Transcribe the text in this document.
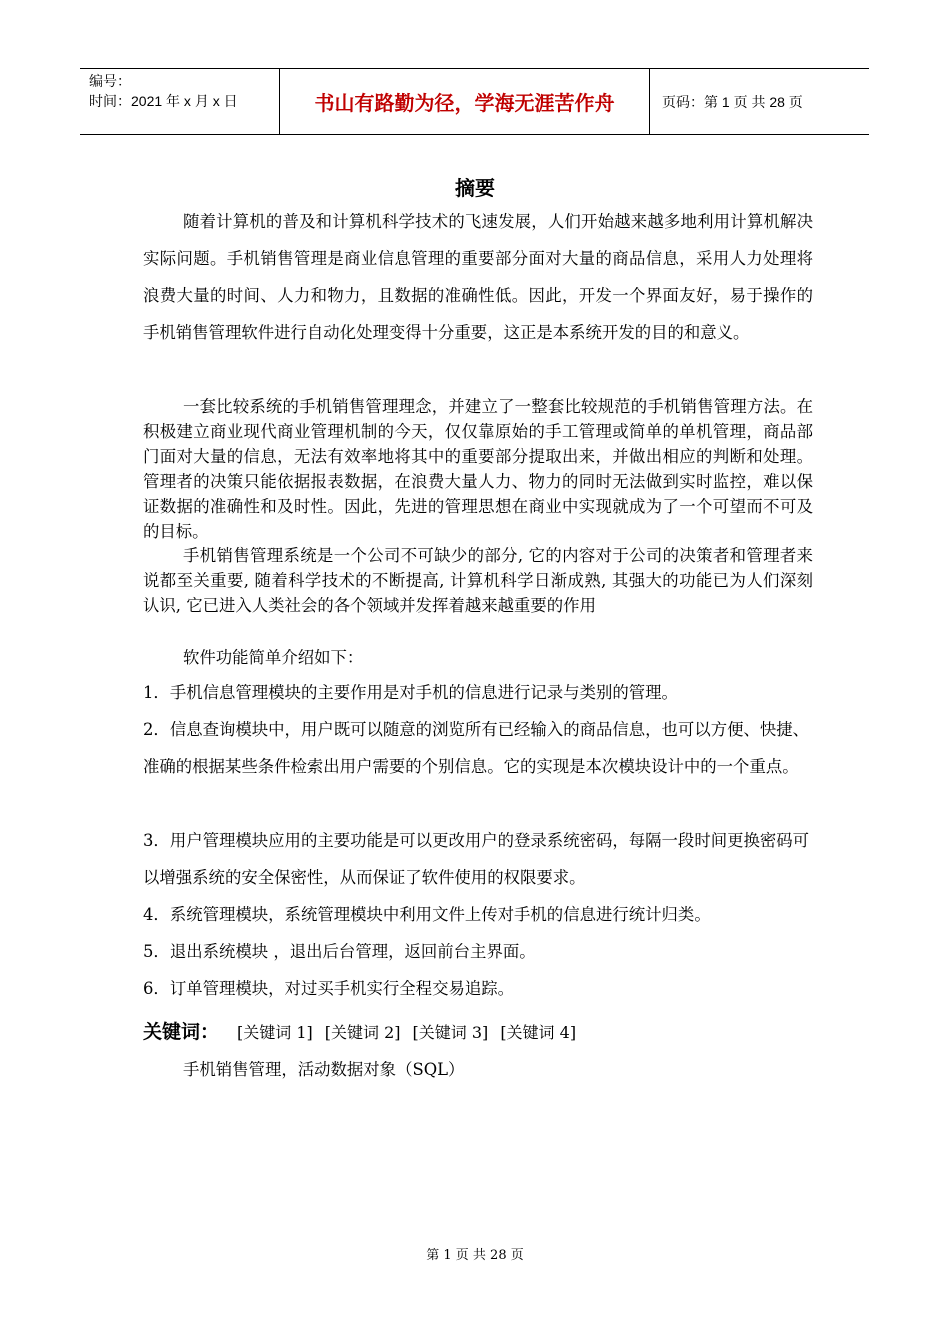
编号：
时间：2021 年 x 月 x 日	书山有路勤为径，学海无涯苦作舟	页码：第 1 页 共 28 页
摘要

随着计算机的普及和计算机科学技术的飞速发展，人们开始越来越多地利用计算机解决实际问题。手机销售管理是商业信息管理的重要部分面对大量的商品信息，采用人力处理将浪费大量的时间、人力和物力，且数据的准确性低。因此，开发一个界面友好，易于操作的手机销售管理软件进行自动化处理变得十分重要，这正是本系统开发的目的和意义。

一套比较系统的手机销售管理理念，并建立了一整套比较规范的手机销售管理方法。在积极建立商业现代商业管理机制的今天，仅仅靠原始的手工管理或简单的单机管理，商品部门面对大量的信息，无法有效率地将其中的重要部分提取出来，并做出相应的判断和处理。管理者的决策只能依据报表数据，在浪费大量人力、物力的同时无法做到实时监控，难以保证数据的准确性和及时性。因此，先进的管理思想在商业中实现就成为了一个可望而不可及的目标。

手机销售管理系统是一个公司不可缺少的部分, 它的内容对于公司的决策者和管理者来说都至关重要, 随着科学技术的不断提高, 计算机科学日渐成熟, 其强大的功能已为人们深刻认识, 它已进入人类社会的各个领域并发挥着越来越重要的作用

软件功能简单介绍如下：

1．手机信息管理模块的主要作用是对手机的信息进行记录与类别的管理。

2．信息查询模块中，用户既可以随意的浏览所有已经输入的商品信息，也可以方便、快捷、准确的根据某些条件检索出用户需要的个别信息。它的实现是本次模块设计中的一个重点。

3．用户管理模块应用的主要功能是可以更改用户的登录系统密码，每隔一段时间更换密码可以增强系统的安全保密性，从而保证了软件使用的权限要求。

4．系统管理模块，系统管理模块中利用文件上传对手机的信息进行统计归类。

5．退出系统模块 ，退出后台管理，返回前台主界面。

6．订单管理模块，对过买手机实行全程交易追踪。

关键词： [关键词 1] [关键词 2] [关键词 3] [关键词 4]
手机销售管理，活动数据对象（SQL）
第 1 页 共 28 页
